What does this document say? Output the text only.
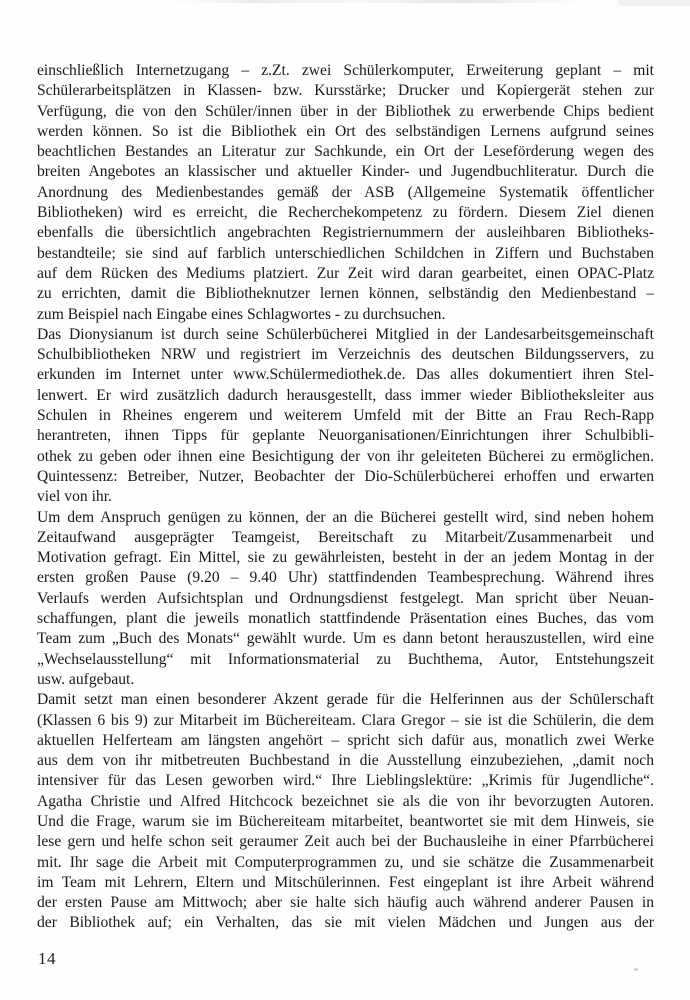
einschließlich Internetzugang – z.Zt. zwei Schülerkomputer, Erweiterung geplant – mit
Schülerarbeitsplätzen in Klassen- bzw. Kursstärke; Drucker und Kopiergerät stehen zur
Verfügung, die von den Schüler/innen über in der Bibliothek zu erwerbende Chips bedient
werden können. So ist die Bibliothek ein Ort des selbständigen Lernens aufgrund seines
beachtlichen Bestandes an Literatur zur Sachkunde, ein Ort der Leseförderung wegen des
breiten Angebotes an klassischer und aktueller Kinder- und Jugendbuchliteratur. Durch die
Anordnung des Medienbestandes gemäß der ASB (Allgemeine Systematik öffentlicher
Bibliotheken) wird es erreicht, die Recherchekompetenz zu fördern. Diesem Ziel dienen
ebenfalls die übersichtlich angebrachten Registriernummern der ausleihbaren Bibliotheks-
bestandteile; sie sind auf farblich unterschiedlichen Schildchen in Ziffern und Buchstaben
auf dem Rücken des Mediums platziert. Zur Zeit wird daran gearbeitet, einen OPAC-Platz
zu errichten, damit die Bibliotheknutzer lernen können, selbständig den Medienbestand –
zum Beispiel nach Eingabe eines Schlagwortes - zu durchsuchen.
Das Dionysianum ist durch seine Schülerbücherei Mitglied in der Landesarbeitsgemeinschaft
Schulbibliotheken NRW und registriert im Verzeichnis des deutschen Bildungsservers, zu
erkunden im Internet unter www.Schülermediothek.de. Das alles dokumentiert ihren Stel-
lenwert. Er wird zusätzlich dadurch herausgestellt, dass immer wieder Bibliotheksleiter aus
Schulen in Rheines engerem und weiterem Umfeld mit der Bitte an Frau Rech-Rapp
herantreten, ihnen Tipps für geplante Neuorganisationen/Einrichtungen ihrer Schulbibli-
othek zu geben oder ihnen eine Besichtigung der von ihr geleiteten Bücherei zu ermöglichen.
Quintessenz: Betreiber, Nutzer, Beobachter der Dio-Schülerbücherei erhoffen und erwarten
viel von ihr.
Um dem Anspruch genügen zu können, der an die Bücherei gestellt wird, sind neben hohem
Zeitaufwand ausgeprägter Teamgeist, Bereitschaft zu Mitarbeit/Zusammenarbeit und
Motivation gefragt. Ein Mittel, sie zu gewährleisten, besteht in der an jedem Montag in der
ersten großen Pause (9.20 – 9.40 Uhr) stattfindenden Teambesprechung. Während ihres
Verlaufs werden Aufsichtsplan und Ordnungsdienst festgelegt. Man spricht über Neuan-
schaffungen, plant die jeweils monatlich stattfindende Präsentation eines Buches, das vom
Team zum „Buch des Monats“ gewählt wurde. Um es dann betont herauszustellen, wird eine
„Wechselausstellung“ mit Informationsmaterial zu Buchthema, Autor, Entstehungszeit
usw. aufgebaut.
Damit setzt man einen besonderer Akzent gerade für die Helferinnen aus der Schülerschaft
(Klassen 6 bis 9) zur Mitarbeit im Büchereiteam. Clara Gregor – sie ist die Schülerin, die dem
aktuellen Helferteam am längsten angehört – spricht sich dafür aus, monatlich zwei Werke
aus dem von ihr mitbetreuten Buchbestand in die Ausstellung einzubeziehen, „damit noch
intensiver für das Lesen geworben wird.“ Ihre Lieblingslektüre: „Krimis für Jugendliche“.
Agatha Christie und Alfred Hitchcock bezeichnet sie als die von ihr bevorzugten Autoren.
Und die Frage, warum sie im Büchereiteam mitarbeitet, beantwortet sie mit dem Hinweis, sie
lese gern und helfe schon seit geraumer Zeit auch bei der Buchausleihe in einer Pfarrbücherei
mit. Ihr sage die Arbeit mit Computerprogrammen zu, und sie schätze die Zusammenarbeit
im Team mit Lehrern, Eltern und Mitschülerinnen. Fest eingeplant ist ihre Arbeit während
der ersten Pause am Mittwoch; aber sie halte sich häufig auch während anderer Pausen in
der Bibliothek auf; ein Verhalten, das sie mit vielen Mädchen und Jungen aus der
14
